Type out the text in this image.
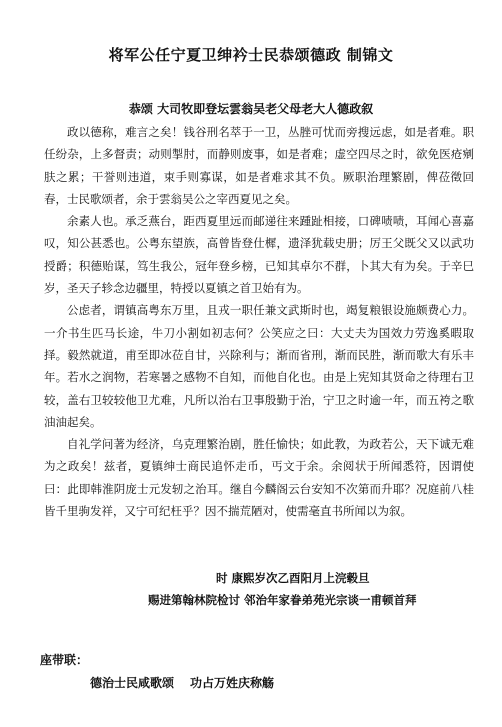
将军公任宁夏卫绅衿士民恭颂德政 制锦文
恭颂 大司牧即登坛雲翁吴老父母老大人德政叙

政以德称，难言之矣！钱谷刑名萃于一卫，丛脞可忧而旁搜远虑，如是者难。职任纷杂，上多督责；动则掣肘，而静则废事，如是者难；虚空四尽之时，欲免医疮剜肤之累；干誉则违道，束手则寡谋，如是者难求其不负。厥职治理繁剧，俾莅徵回春，士民歌颂者，余于雲翁吴公之宰西夏见之矣。

余素人也。承乏燕台，距西夏里远而邮递往来踵趾相接，口碑啧啧，耳闻心喜嘉叹，知公甚悉也。公粤东望族，高曾皆登仕樨，遗泽犹载史册；厉王父既父又以武功授爵；积德贻谋，笃生我公，冠年登乡榜，已知其卓尔不群，卜其大有为矣。于辛巳岁，圣天子轸念边疆里，特授以夏镇之首卫始有为。

公虑者，谓镇高粤东万里，且戎一职任兼文武斯时也，竭复粮银设施颇费心力。一介书生匹马长途，牛刀小割如初志何？公笑应之曰：大丈夫为国效力劳逸奚暇取择。毅然就道，甫至即冰莅自甘，兴除利与；渐而省刑，渐而民胜，渐而歌大有乐丰年。若水之润物，若寒暑之感物不自知，而他自化也。由是上宪知其贤命之待理右卫较，盖右卫较较他卫尤难，凡所以治右卫事殷勤于治，宁卫之时逾一年，而五袴之歌油油起矣。

自礼学问著为经济，乌克理繁治剧，胜任愉快；如此教，为政若公，天下诚无难为之政矣！兹者，夏镇绅士商民追怀走币，丐文于余。余阅状于所闻悉符，因谓使曰：此即韩淮阴庞士元发轫之治耳。继自今麟阁云台安知不次第而升耶？况庭前八桂皆千里驹发祥，又宁可纪枉乎？因不揣荒陋对，使需毫直书所闻以为叙。

时 康熙岁次乙酉阳月上浣毂旦
赐进第翰林院检讨 邻治年家眷弟苑光宗谈一甫顿首拜
座带联：
德治士民咸歌颂 功占万姓庆称觞
